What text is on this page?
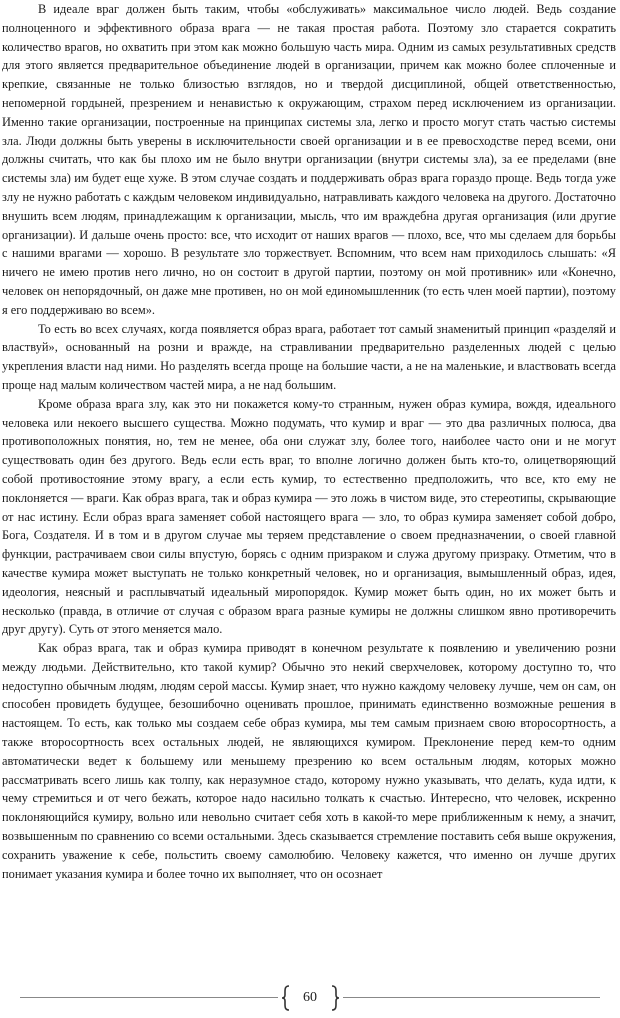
В идеале враг должен быть таким, чтобы «обслуживать» максимальное число людей. Ведь создание полноценного и эффективного образа врага — не такая простая работа. Поэтому зло старается сократить количество врагов, но охватить при этом как можно большую часть мира. Одним из самых результативных средств для этого является предварительное объединение людей в организации, причем как можно более сплоченные и крепкие, связанные не только близостью взглядов, но и твердой дисциплиной, общей ответственностью, непомерной гордыней, презрением и ненавистью к окружающим, страхом перед исключением из организации. Именно такие организации, построенные на принципах системы зла, легко и просто могут стать частью системы зла. Люди должны быть уверены в исключительности своей организации и в ее превосходстве перед всеми, они должны считать, что как бы плохо им не было внутри организации (внутри системы зла), за ее пределами (вне системы зла) им будет еще хуже. В этом случае создать и поддерживать образ врага гораздо проще. Ведь тогда уже злу не нужно работать с каждым человеком индивидуально, натравливать каждого человека на другого. Достаточно внушить всем людям, принадлежащим к организации, мысль, что им враждебна другая организация (или другие организации). И дальше очень просто: все, что исходит от наших врагов — плохо, все, что мы сделаем для борьбы с нашими врагами — хорошо. В результате зло торжествует. Вспомним, что всем нам приходилось слышать: «Я ничего не имею против него лично, но он состоит в другой партии, поэтому он мой противник» или «Конечно, человек он непорядочный, он даже мне противен, но он мой единомышленник (то есть член моей партии), поэтому я его поддерживаю во всем».

То есть во всех случаях, когда появляется образ врага, работает тот самый знаменитый принцип «разделяй и властвуй», основанный на розни и вражде, на стравливании предварительно разделенных людей с целью укрепления власти над ними. Но разделять всегда проще на большие части, а не на маленькие, и властвовать всегда проще над малым количеством частей мира, а не над большим.

Кроме образа врага злу, как это ни покажется кому-то странным, нужен образ кумира, вождя, идеального человека или некоего высшего существа. Можно подумать, что кумир и враг — это два различных полюса, два противоположных понятия, но, тем не менее, оба они служат злу, более того, наиболее часто они и не могут существовать один без другого. Ведь если есть враг, то вполне логично должен быть кто-то, олицетворяющий собой противостояние этому врагу, а если есть кумир, то естественно предположить, что все, кто ему не поклоняется — враги. Как образ врага, так и образ кумира — это ложь в чистом виде, это стереотипы, скрывающие от нас истину. Если образ врага заменяет собой настоящего врага — зло, то образ кумира заменяет собой добро, Бога, Создателя. И в том и в другом случае мы теряем представление о своем предназначении, о своей главной функции, растрачиваем свои силы впустую, борясь с одним призраком и служа другому призраку. Отметим, что в качестве кумира может выступать не только конкретный человек, но и организация, вымышленный образ, идея, идеология, неясный и расплывчатый идеальный миропорядок. Кумир может быть один, но их может быть и несколько (правда, в отличие от случая с образом врага разные кумиры не должны слишком явно противоречить друг другу). Суть от этого меняется мало.

Как образ врага, так и образ кумира приводят в конечном результате к появлению и увеличению розни между людьми. Действительно, кто такой кумир? Обычно это некий сверхчеловек, которому доступно то, что недоступно обычным людям, людям серой массы. Кумир знает, что нужно каждому человеку лучше, чем он сам, он способен провидеть будущее, безошибочно оценивать прошлое, принимать единственно возможные решения в настоящем. То есть, как только мы создаем себе образ кумира, мы тем самым признаем свою второсортность, а также второсортность всех остальных людей, не являющихся кумиром. Преклонение перед кем-то одним автоматически ведет к большему или меньшему презрению ко всем остальным людям, которых можно рассматривать всего лишь как толпу, как неразумное стадо, которому нужно указывать, что делать, куда идти, к чему стремиться и от чего бежать, которое надо насильно толкать к счастью. Интересно, что человек, искренно поклоняющийся кумиру, вольно или невольно считает себя хоть в какой-то мере приближенным к нему, а значит, возвышенным по сравнению со всеми остальными. Здесь сказывается стремление поставить себя выше окружения, сохранить уважение к себе, польстить своему самолюбию. Человеку кажется, что именно он лучше других понимает указания кумира и более точно их выполняет, что он осознает

60
